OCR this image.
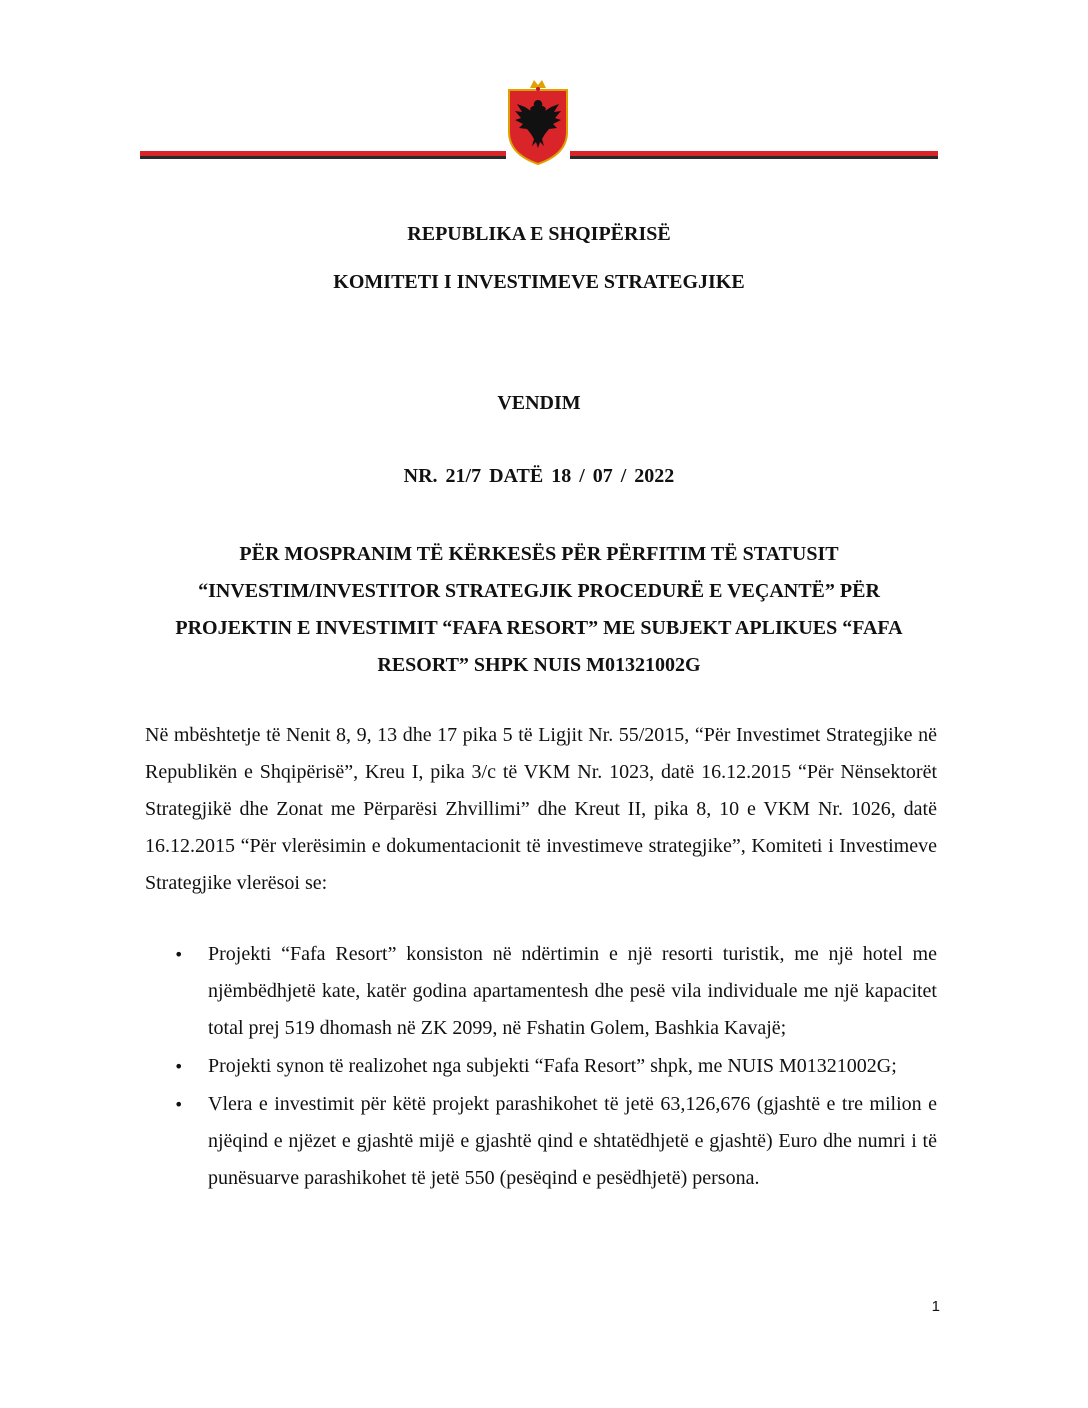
REPUBLIKA E SHQIPËRISË
KOMITETI I INVESTIMEVE STRATEGJIKE
VENDIM
NR. 21/7 DATË 18 / 07 / 2022
PËR MOSPRANIM TË KËRKESËS PËR PËRFITIM TË STATUSIT “INVESTIM/INVESTITOR STRATEGJIK PROCEDURË E VEÇANTË” PËR PROJEKTIN E INVESTIMIT “FAFA RESORT” ME SUBJEKT APLIKUES “FAFA RESORT” SHPK NUIS M01321002G
Në mbështetje të Nenit 8, 9, 13 dhe 17 pika 5 të Ligjit Nr. 55/2015, “Për Investimet Strategjike në Republikën e Shqipërisë”, Kreu I, pika 3/c të VKM Nr. 1023, datë 16.12.2015 “Për Nënsektorët Strategjikë dhe Zonat me Përparësi Zhvillimi” dhe Kreut II, pika 8, 10 e VKM Nr. 1026, datë 16.12.2015 “Për vlerësimin e dokumentacionit të investimeve strategjike”, Komiteti i Investimeve Strategjike vlerësoi se:
• Projekti “Fafa Resort” konsiston në ndërtimin e një resorti turistik, me një hotel me njëmbëdhjetë kate, katër godina apartamentesh dhe pesë vila individuale me një kapacitet total prej 519 dhomash në ZK 2099, në Fshatin Golem, Bashkia Kavajë;
• Projekti synon të realizohet nga subjekti “Fafa Resort” shpk, me NUIS M01321002G;
• Vlera e investimit për këtë projekt parashikohet të jetë 63,126,676 (gjashtë e tre milion e njëqind e njëzet e gjashtë mijë e gjashtë qind e shtatëdhjetë e gjashtë) Euro dhe numri i të punësuarve parashikohet të jetë 550 (pesëqind e pesëdhjetë) persona.
1
